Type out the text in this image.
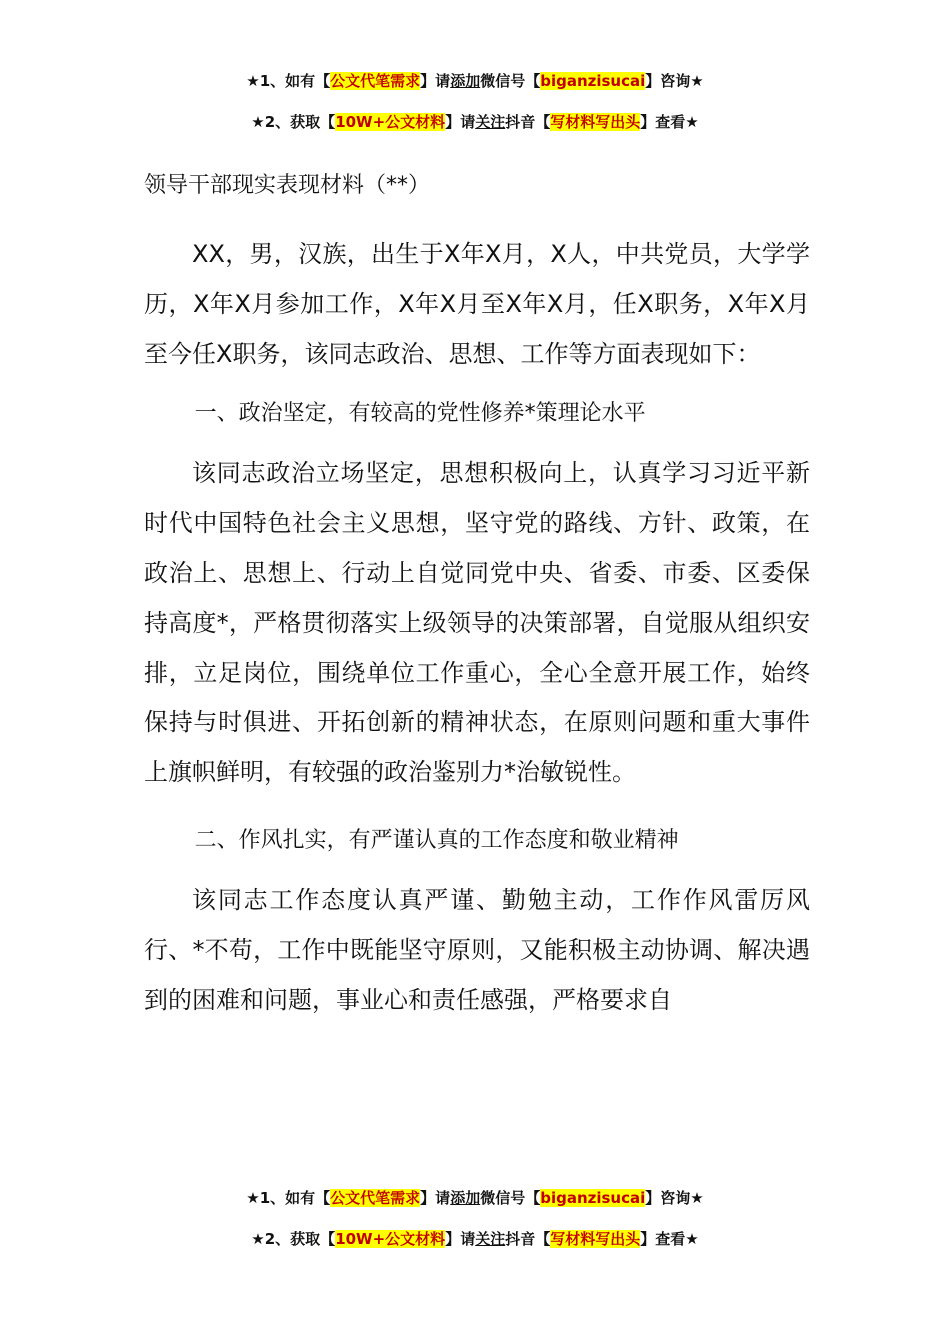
★1、如有【公文代笔需求】请添加微信号【biganzisucai】咨询★
★2、获取【10W+公文材料】请关注抖音【写材料写出头】查看★

领导干部现实表现材料（**）

XX，男，汉族，出生于X年X月，X人，中共党员，大学学历，X年X月参加工作，X年X月至X年X月，任X职务，X年X月至今任X职务，该同志政治、思想、工作等方面表现如下：

一、政治坚定，有较高的党性修养*策理论水平

该同志政治立场坚定，思想积极向上，认真学习习近平新时代中国特色社会主义思想，坚守党的路线、方针、政策，在政治上、思想上、行动上自觉同党中央、省委、市委、区委保持高度*，严格贯彻落实上级领导的决策部署，自觉服从组织安排，立足岗位，围绕单位工作重心，全心全意开展工作，始终保持与时俱进、开拓创新的精神状态，在原则问题和重大事件上旗帜鲜明，有较强的政治鉴别力*治敏锐性。

二、作风扎实，有严谨认真的工作态度和敬业精神

该同志工作态度认真严谨、勤勉主动，工作作风雷厉风行、*不苟，工作中既能坚守原则，又能积极主动协调、解决遇到的困难和问题，事业心和责任感强，严格要求自

★1、如有【公文代笔需求】请添加微信号【biganzisucai】咨询★
★2、获取【10W+公文材料】请关注抖音【写材料写出头】查看★
